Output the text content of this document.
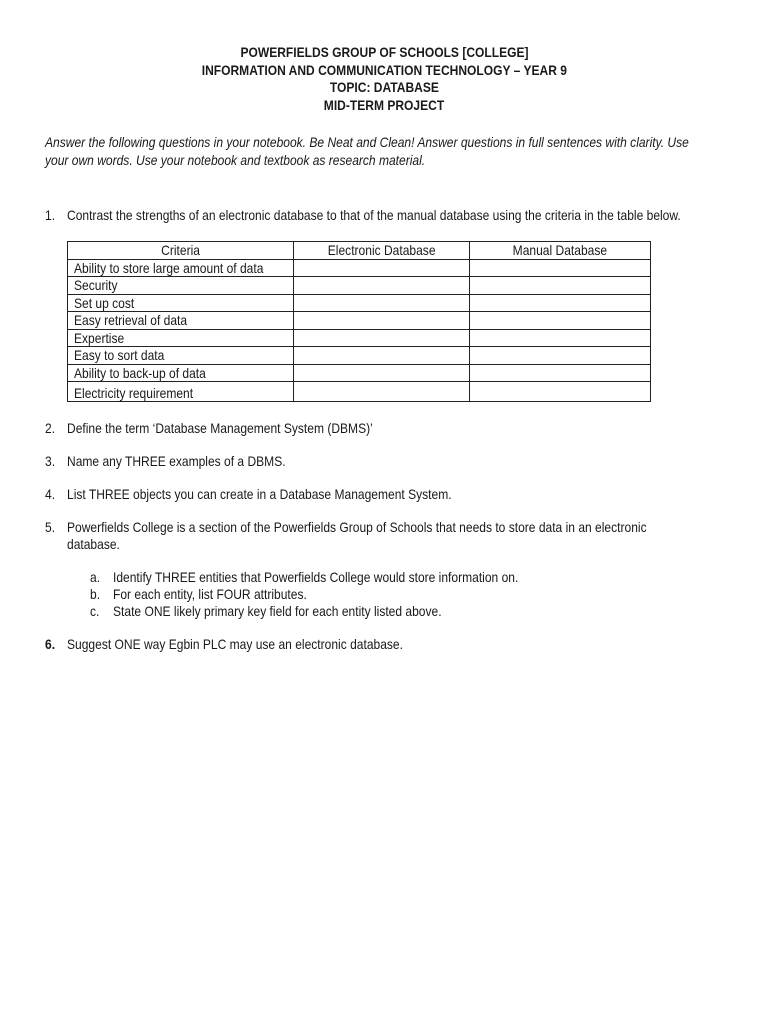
POWERFIELDS GROUP OF SCHOOLS [COLLEGE]
INFORMATION AND COMMUNICATION TECHNOLOGY – YEAR 9
TOPIC: DATABASE
MID-TERM PROJECT
Answer the following questions in your notebook. Be Neat and Clean! Answer questions in full sentences with clarity. Use
your own words. Use your notebook and textbook as research material.
1. Contrast the strengths of an electronic database to that of the manual database using the criteria in the table below.
Criteria	Electronic Database	Manual Database
Ability to store large amount of data		
Security		
Set up cost		
Easy retrieval of data		
Expertise		
Easy to sort data		
Ability to back-up of data		
Electricity requirement		
2. Define the term ‘Database Management System (DBMS)’
3. Name any THREE examples of a DBMS.
4. List THREE objects you can create in a Database Management System.
5. Powerfields College is a section of the Powerfields Group of Schools that needs to store data in an electronic
database.
a. Identify THREE entities that Powerfields College would store information on.
b. For each entity, list FOUR attributes.
c. State ONE likely primary key field for each entity listed above.
6. Suggest ONE way Egbin PLC may use an electronic database.
